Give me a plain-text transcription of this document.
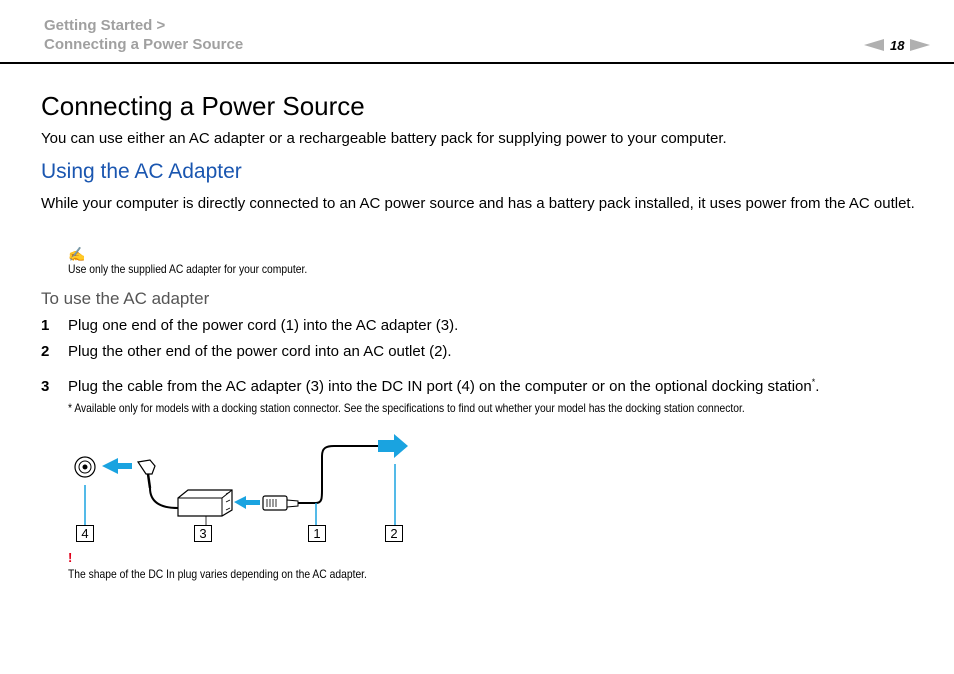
Getting Started >
Connecting a Power Source	18
Connecting a Power Source
You can use either an AC adapter or a rechargeable battery pack for supplying power to your computer.
Using the AC Adapter
While your computer is directly connected to an AC power source and has a battery pack installed, it uses power from the AC outlet.
✍
Use only the supplied AC adapter for your computer.
To use the AC adapter
1 Plug one end of the power cord (1) into the AC adapter (3).
2 Plug the other end of the power cord into an AC outlet (2).
3 Plug the cable from the AC adapter (3) into the DC IN port (4) on the computer or on the optional docking station*.
* Available only for models with a docking station connector. See the specifications to find out whether your model has the docking station connector.
4	3	1	2
!
The shape of the DC In plug varies depending on the AC adapter.
